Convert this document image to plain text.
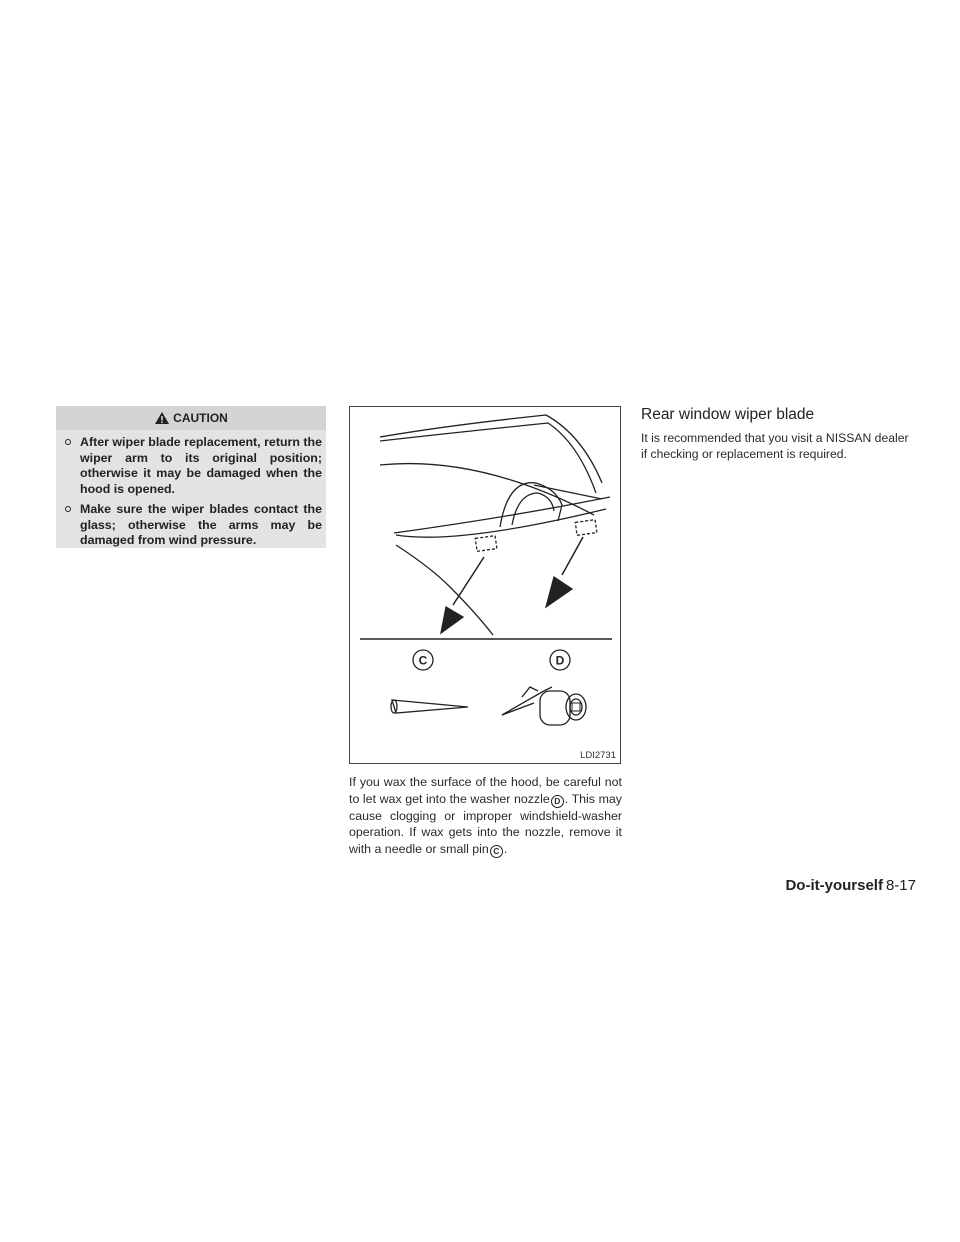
CAUTION
After wiper blade replacement, return the wiper arm to its original position; otherwise it may be damaged when the hood is opened.
Make sure the wiper blades contact the glass; otherwise the arms may be damaged from wind pressure.
C	D
LDI2731

If you wax the surface of the hood, be careful not to let wax get into the washer nozzle D . This may cause clogging or improper windshield-washer operation. If wax gets into the nozzle, remove it with a needle or small pin C .

Rear window wiper blade

It is recommended that you visit a NISSAN dealer if checking or replacement is required.

Do-it-yourself 8-17
